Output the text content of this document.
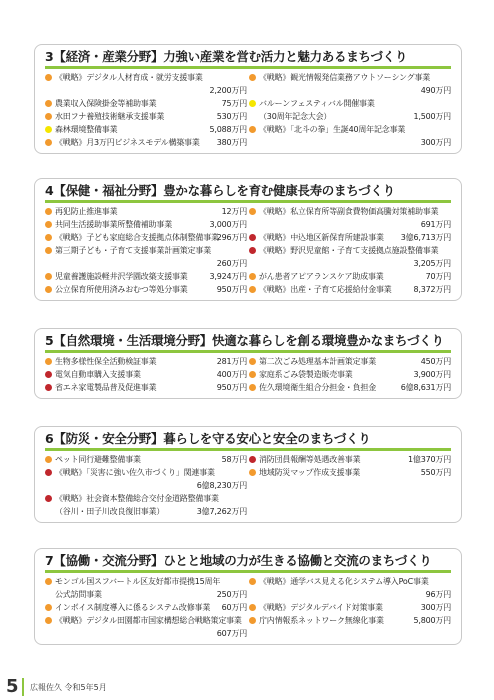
3【経済・産業分野】力強い産業を営む活力と魅力あるまちづくり
《戦略》デジタル人材育成・就労支援事業
2,200万円
農業収入保険掛金等補助事業	75万円
水田フナ養殖技術継承支援事業	530万円
森林環境整備事業	5,088万円
《戦略》月3万円ビジネスモデル構築事業 380万円
《戦略》観光情報発信業務アウトソーシング事業
490万円
バルーンフェスティバル開催事業
（30周年記念大会）	1,500万円
《戦略》「北斗の拳」生誕40周年記念事業
300万円
4【保健・福祉分野】豊かな暮らしを育む健康長寿のまちづくり
再犯防止推進事業	12万円
共同生活援助事業所整備補助事業	3,000万円
《戦略》子ども家庭総合支援拠点体制整備事業
296万円
第三期子ども・子育て支援事業計画策定事業
260万円
児童養護施設軽井沢学園改築支援事業	3,924万円
公立保育所使用済みおむつ等処分事業	950万円
《戦略》私立保育所等副食費物価高騰対策補助事業
691万円
《戦略》中込地区新保育所建設事業 3億6,713万円
《戦略》野沢児童館・子育て支援拠点施設整備事業
3,205万円
がん患者アピアランスケア助成事業	70万円
《戦略》出産・子育て応援給付金事業	8,372万円
5【自然環境・生活環境分野】快適な暮らしを創る環境豊かなまちづくり
生物多様性保全活動検証事業	281万円
電気自動車購入支援事業	400万円
省エネ家電製品普及促進事業	950万円
第二次ごみ処理基本計画策定事業	450万円
家庭系ごみ袋製造販売事業	3,900万円
佐久環境衛生組合分担金・負担金	6億8,631万円
6【防災・安全分野】暮らしを守る安心と安全のまちづくり
ペット同行避難整備事業	58万円
《戦略》「災害に強い佐久市づくり」関連事業
6億8,230万円
《戦略》社会資本整備総合交付金道路整備事業
（谷川・田子川改良復旧事業）	3億7,262万円
消防団員報酬等処遇改善事業	1億370万円
地域防災マップ作成支援事業	550万円
7【協働・交流分野】ひとと地域の力が生きる協働と交流のまちづくり
モンゴル国スフバートル区友好都市提携15周年
公式訪問事業	250万円
インボイス制度導入に係るシステム改修事業 60万円
《戦略》デジタル田園都市国家構想総合戦略策定事業
607万円
《戦略》通学バス見える化システム導入PoC事業
96万円
《戦略》デジタルデバイド対策事業	300万円
庁内情報系ネットワーク無線化事業	5,800万円
5 広報佐久 令和5年5月
